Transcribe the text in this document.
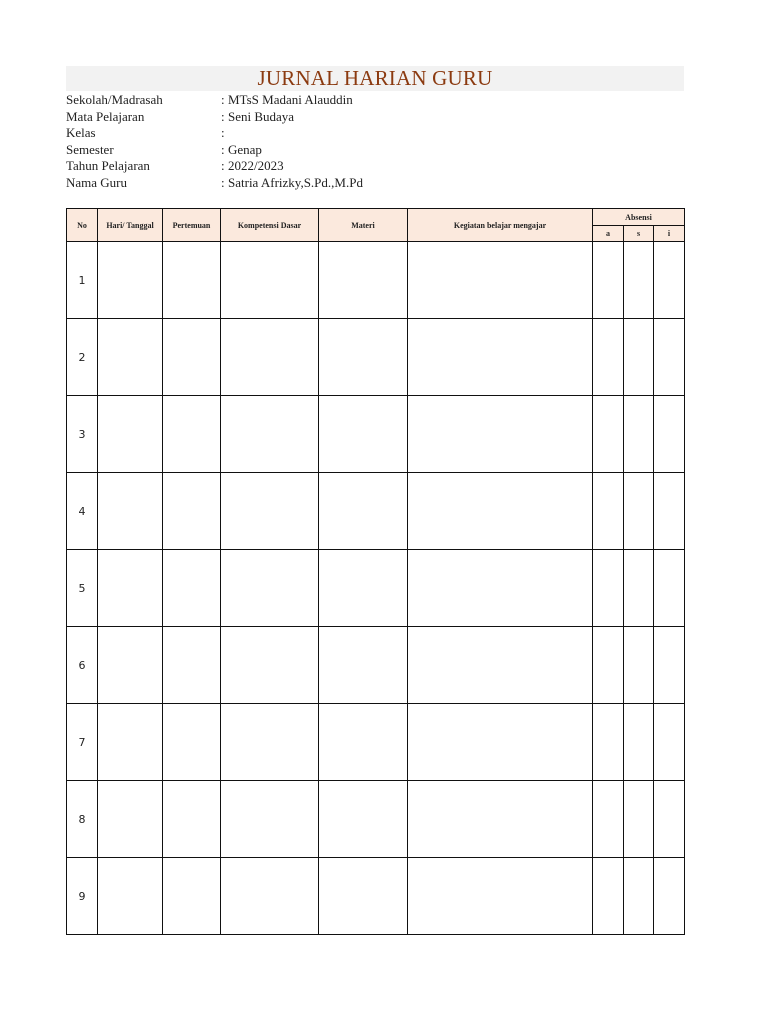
JURNAL HARIAN GURU
Sekolah/Madrasah	: MTsS Madani Alauddin
Mata Pelajaran	: Seni Budaya
Kelas	:
Semester	: Genap
Tahun Pelajaran	: 2022/2023
Nama Guru	: Satria Afrizky,S.Pd.,M.Pd
No	Hari/ Tanggal	Pertemuan	Kompetensi Dasar	Materi	Kegiatan belajar mengajar	Absensi		
						a	s	i
1								
2								
3								
4								
5								
6								
7								
8								
9								
